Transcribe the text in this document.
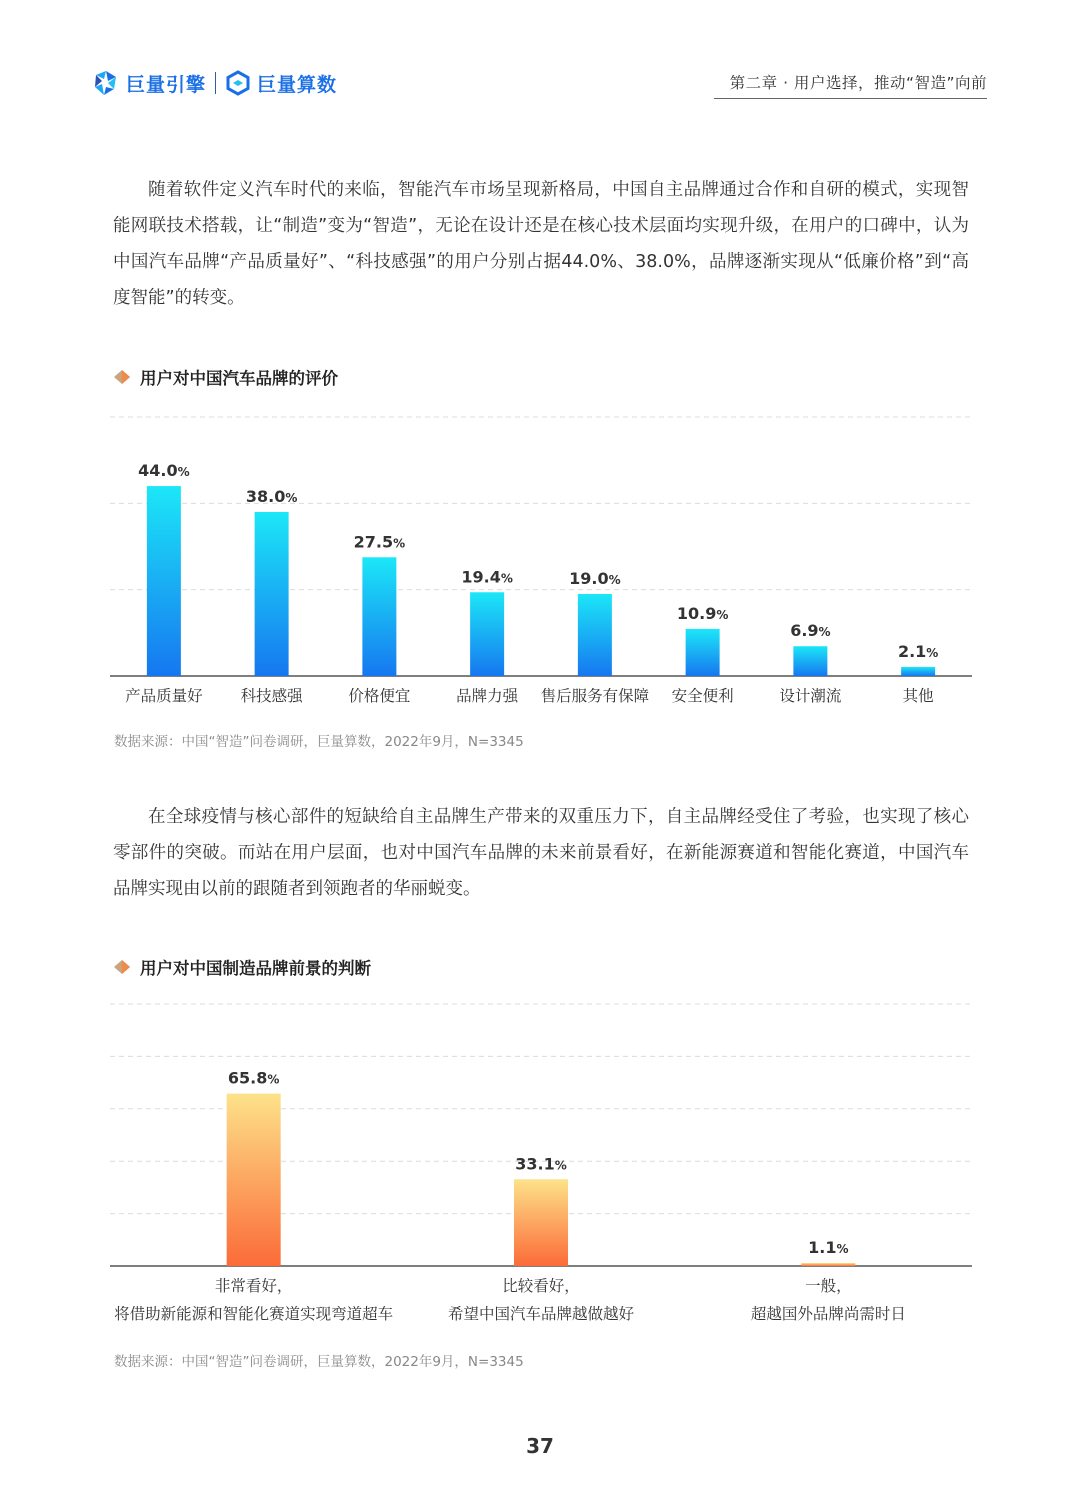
巨量引擎	巨量算数	第二章 · 用户选择，推动“智造”向前

随着软件定义汽车时代的来临，智能汽车市场呈现新格局，中国自主品牌通过合作和自研的模式，实现智能网联技术搭载，让“制造”变为“智造”，无论在设计还是在核心技术层面均实现升级，在用户的口碑中，认为中国汽车品牌“产品质量好”、“科技感强”的用户分别占据44.0%、38.0%，品牌逐渐实现从“低廉价格”到“高度智能”的转变。

用户对中国汽车品牌的评价
44.0%
产品质量好
38.0%
科技感强
27.5%
价格便宜
19.4%
品牌力强
19.0%
售后服务有保障
10.9%
安全便利
6.9%
设计潮流
2.1%
其他
数据来源：中国“智造”问卷调研，巨量算数，2022年9月，N=3345

在全球疫情与核心部件的短缺给自主品牌生产带来的双重压力下，自主品牌经受住了考验，也实现了核心零部件的突破。而站在用户层面，也对中国汽车品牌的未来前景看好，在新能源赛道和智能化赛道，中国汽车品牌实现由以前的跟随者到领跑者的华丽蜕变。

用户对中国制造品牌前景的判断
65.8%
非常看好，
将借助新能源和智能化赛道实现弯道超车
33.1%
比较看好，
希望中国汽车品牌越做越好
1.1%
一般，
超越国外品牌尚需时日
数据来源：中国“智造”问卷调研，巨量算数，2022年9月，N=3345
37
